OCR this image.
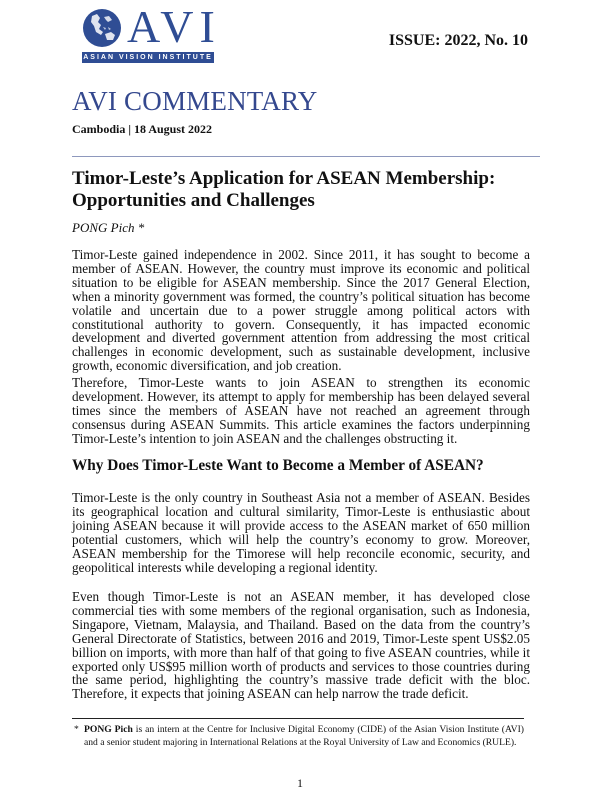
AVI
ASIAN VISION INSTITUTE
ISSUE: 2022, No. 10
AVI COMMENTARY
Cambodia | 18 August 2022
Timor-Leste’s Application for ASEAN Membership: Opportunities and Challenges
PONG Pich *
Timor-Leste gained independence in 2002. Since 2011, it has sought to become a member of ASEAN. However, the country must improve its economic and political situation to be eligible for ASEAN membership. Since the 2017 General Election, when a minority government was formed, the country’s political situation has become volatile and uncertain due to a power struggle among political actors with constitutional authority to govern. Consequently, it has impacted economic development and diverted government attention from addressing the most critical challenges in economic development, such as sustainable development, inclusive growth, economic diversification, and job creation.
Therefore, Timor-Leste wants to join ASEAN to strengthen its economic development. However, its attempt to apply for membership has been delayed several times since the members of ASEAN have not reached an agreement through consensus during ASEAN Summits. This article examines the factors underpinning Timor-Leste’s intention to join ASEAN and the challenges obstructing it.
Why Does Timor-Leste Want to Become a Member of ASEAN?
Timor-Leste is the only country in Southeast Asia not a member of ASEAN. Besides its geographical location and cultural similarity, Timor-Leste is enthusiastic about joining ASEAN because it will provide access to the ASEAN market of 650 million potential customers, which will help the country’s economy to grow. Moreover, ASEAN membership for the Timorese will help reconcile economic, security, and geopolitical interests while developing a regional identity.
Even though Timor-Leste is not an ASEAN member, it has developed close commercial ties with some members of the regional organisation, such as Indonesia, Singapore, Vietnam, Malaysia, and Thailand. Based on the data from the country’s General Directorate of Statistics, between 2016 and 2019, Timor-Leste spent US$2.05 billion on imports, with more than half of that going to five ASEAN countries, while it exported only US$95 million worth of products and services to those countries during the same period, highlighting the country’s massive trade deficit with the bloc. Therefore, it expects that joining ASEAN can help narrow the trade deficit.
* PONG Pich is an intern at the Centre for Inclusive Digital Economy (CIDE) of the Asian Vision Institute (AVI) and a senior student majoring in International Relations at the Royal University of Law and Economics (RULE).
1
